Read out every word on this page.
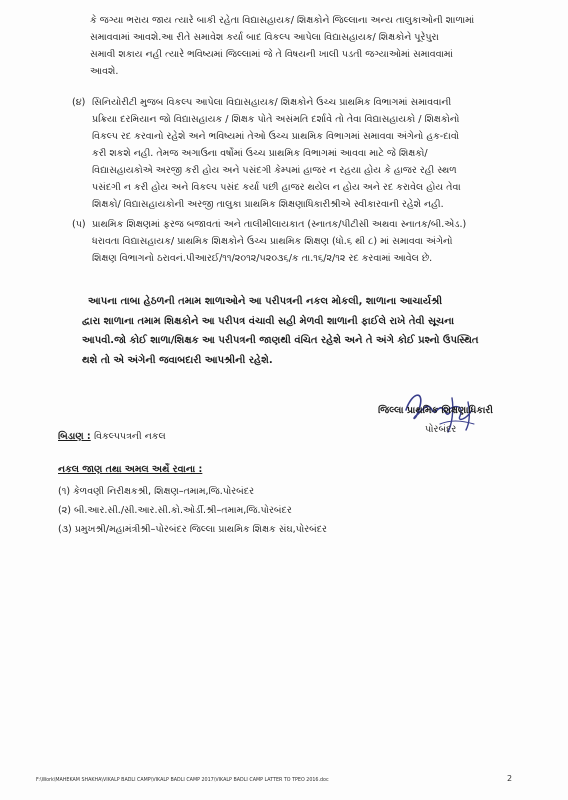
કે જગ્યા ભરાય જાય ત્યારે બાકી રહેતા વિદ્યાસહાયક/ શિક્ષકોને જિલ્લાના અન્ય તાલુકાઓની શાળામાં
સમાવવામાં આવશે.આ રીતે સમાવેશ કર્યા બાદ વિકલ્પ આપેલા વિદ્યાસહાયક/ શિક્ષકોને પૂરેપુરા
સમાવી શકાય નહી ત્યારે ભવિષ્યમાં જિલ્લામાં જે તે વિષયની ખાલી પડતી જગ્યાઓમાં સમાવવામાં
આવશે.
(૪) સિનિયોરીટી મુજબ વિકલ્પ આપેલા વિદ્યાસહાયક/ શિક્ષકોને ઉચ્ચ પ્રાથમિક વિભાગમાં સમાવવાની
પ્રક્રિયા દરમિયાન જો વિદ્યાસહાયક / શિક્ષક પોતે અસંમતિ દર્શાવે તો તેવા વિદ્યાસહાયકો / શિક્ષકોનો
વિકલ્પ રદ કરવાનો રહેશે અને ભવિષ્યમાં તેઓ ઉચ્ચ પ્રાથમિક વિભાગમાં સમાવવા અંગેનો હક-દાવો
કરી શકશે નહી. તેમજ અગાઉના વર્ષોમાં ઉચ્ચ પ્રાથમિક વિભાગમાં આવવા માટે જે શિક્ષકો/
વિદ્યાસહાયકોએ અરજી કરી હોય અને પસંદગી કેમ્પમાં હાજર ન રહયા હોય કે હાજર રહી સ્થળ
પસંદગી ન કરી હોય અને વિકલ્પ પસંદ કર્યા પછી હાજર થયેલ ન હોય અને રદ કરાવેલ હોય તેવા
શિક્ષકો/ વિદ્યાસહાયકોની અરજી તાલુકા પ્રાથમિક શિક્ષણાધિકારીશ્રીએ સ્વીકારવાની રહેશે નહી.
(પ) પ્રાથમિક શિક્ષણમાં ફરજ બજાવતાં અને તાલીમીલાયકાત (સ્નાતક/પીટીસી અથવા સ્નાતક/બી.એડ.)
ધરાવતા વિદ્યાસહાયક/ પ્રાથમિક શિક્ષકોને ઉચ્ચ પ્રાથમિક શિક્ષણ (ધો.૬ થી ૮) માં સમાવવા અંગેનો
શિક્ષણ વિભાગનો ઠરાવનં.પીઆરઈ/૧૧/૨૦૧૨/૫૨૦૩૬/ક તા.૧૬/૨/૧૨ રદ કરવામાં આવેલ છે.
આપના તાબા હેઠળની તમામ શાળાઓને આ પરીપત્રની નકલ મોકલી, શાળાના આચાર્યશ્રી
દ્વારા શાળાના તમામ શિક્ષકોને આ પરીપત્ર વંચાવી સહી મેળવી શાળાની ફાઈલે રાખે તેવી સૂચના
આપવી.જો કોઈ શાળા/શિક્ષક આ પરીપત્રની જાણથી વંચિત રહેશે અને તે અંગે કોઈ પ્રશ્નો ઉપસ્થિત
થશે તો એ અંગેની જવાબદારી આપશ્રીની રહેશે.
જિલ્લા પ્રાથમિક શિક્ષણાધિકારી
પોરબંદર
બિડાણ : વિકલ્પપત્રની નકલ
નકલ જાણ તથા અમલ અર્થે રવાના :
(૧) કેળવણી નિરીક્ષકશ્રી, શિક્ષણ–તમામ,જિ.પોરબંદર
(૨) બી.આર.સી./સી.આર.સી.કો.ઓર્ડી.શ્રી–તમામ,જિ.પોરબંદર
(૩) પ્રમુખશ્રી/મહામંત્રીશ્રી–પોરબંદર જિલ્લા પ્રાથમિક શિક્ષક સંઘ,પોરબંદર
F:\Work\MAHEKAM SHAKHA\VIKALP BADLI CAMP\VIKALP BADLI CAMP 2017\VIKALP BADLI CAMP LATTER TO TPEO 2016.doc	2
